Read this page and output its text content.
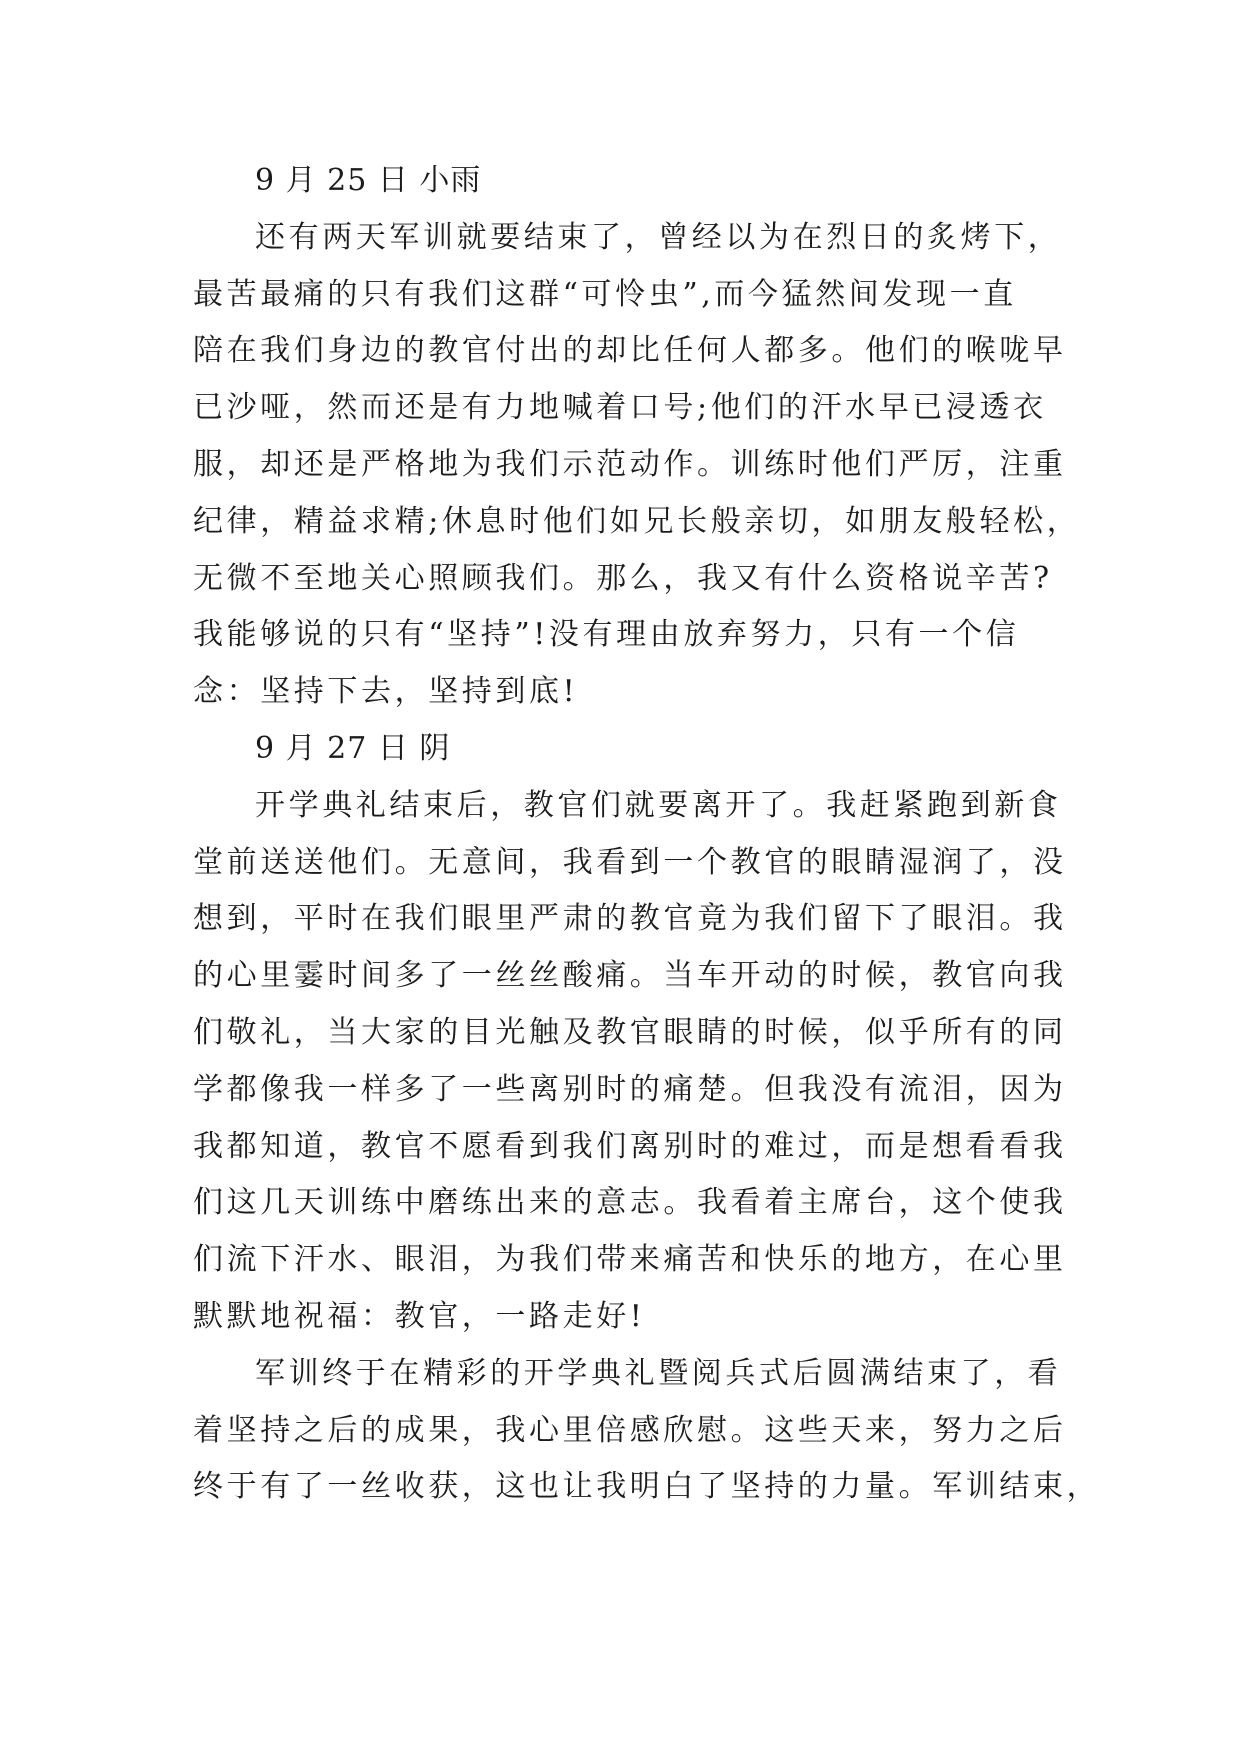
9 月 25 日 小雨
还有两天军训就要结束了，曾经以为在烈日的炙烤下，
最苦最痛的只有我们这群“可怜虫”,而今猛然间发现一直
陪在我们身边的教官付出的却比任何人都多。他们的喉咙早
已沙哑，然而还是有力地喊着口号;他们的汗水早已浸透衣
服，却还是严格地为我们示范动作。训练时他们严厉，注重
纪律，精益求精;休息时他们如兄长般亲切，如朋友般轻松，
无微不至地关心照顾我们。那么，我又有什么资格说辛苦?
我能够说的只有“坚持”!没有理由放弃努力，只有一个信
念：坚持下去，坚持到底!
9 月 27 日 阴
开学典礼结束后，教官们就要离开了。我赶紧跑到新食
堂前送送他们。无意间，我看到一个教官的眼睛湿润了，没
想到，平时在我们眼里严肃的教官竟为我们留下了眼泪。我
的心里霎时间多了一丝丝酸痛。当车开动的时候，教官向我
们敬礼，当大家的目光触及教官眼睛的时候，似乎所有的同
学都像我一样多了一些离别时的痛楚。但我没有流泪，因为
我都知道，教官不愿看到我们离别时的难过，而是想看看我
们这几天训练中磨练出来的意志。我看着主席台，这个使我
们流下汗水、眼泪，为我们带来痛苦和快乐的地方，在心里
默默地祝福：教官，一路走好!
军训终于在精彩的开学典礼暨阅兵式后圆满结束了，看
着坚持之后的成果，我心里倍感欣慰。这些天来，努力之后
终于有了一丝收获，这也让我明白了坚持的力量。军训结束，
